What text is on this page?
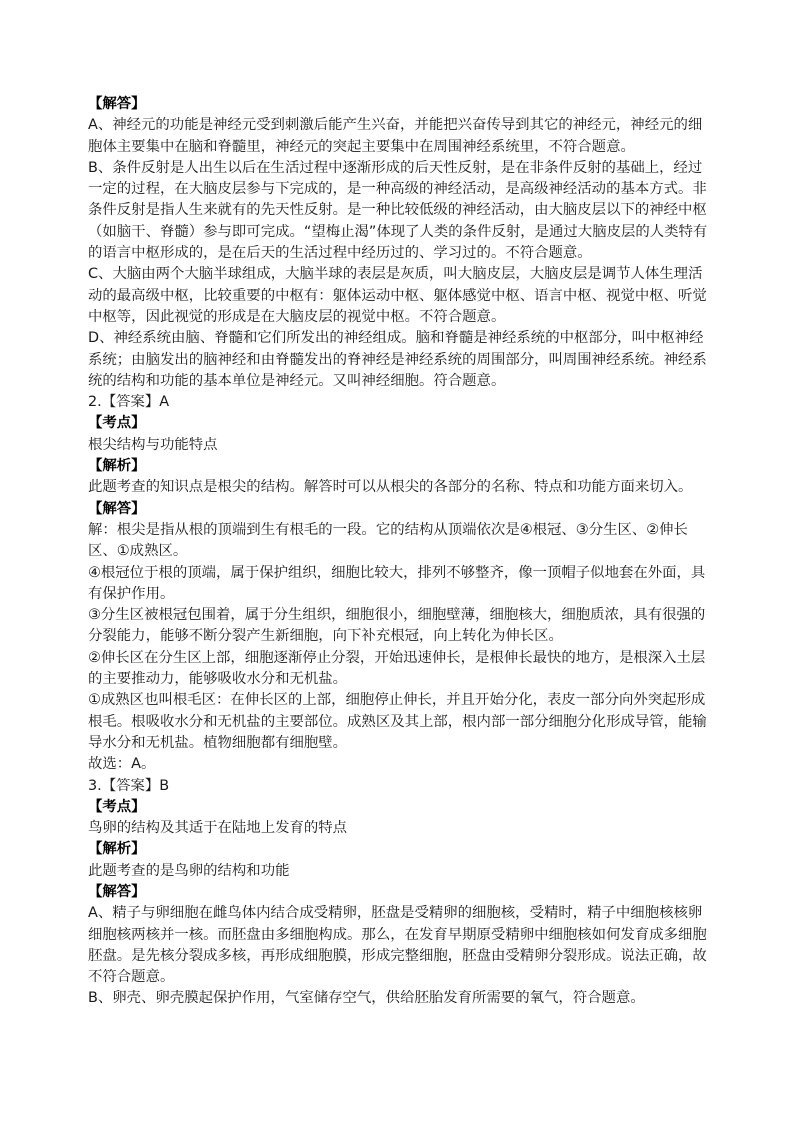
【解答】

A、神经元的功能是神经元受到刺激后能产生兴奋，并能把兴奋传导到其它的神经元，神经元的细胞体主要集中在脑和脊髓里，神经元的突起主要集中在周围神经系统里，不符合题意。

B、条件反射是人出生以后在生活过程中逐渐形成的后天性反射，是在非条件反射的基础上，经过一定的过程，在大脑皮层参与下完成的，是一种高级的神经活动，是高级神经活动的基本方式。非条件反射是指人生来就有的先天性反射。是一种比较低级的神经活动，由大脑皮层以下的神经中枢（如脑干、脊髓）参与即可完成。“望梅止渴”体现了人类的条件反射，是通过大脑皮层的人类特有的语言中枢形成的，是在后天的生活过程中经历过的、学习过的。不符合题意。

C、大脑由两个大脑半球组成，大脑半球的表层是灰质，叫大脑皮层，大脑皮层是调节人体生理活动的最高级中枢，比较重要的中枢有：躯体运动中枢、躯体感觉中枢、语言中枢、视觉中枢、听觉中枢等，因此视觉的形成是在大脑皮层的视觉中枢。不符合题意。

D、神经系统由脑、脊髓和它们所发出的神经组成。脑和脊髓是神经系统的中枢部分，叫中枢神经系统；由脑发出的脑神经和由脊髓发出的脊神经是神经系统的周围部分，叫周围神经系统。神经系统的结构和功能的基本单位是神经元。又叫神经细胞。符合题意。

2.【答案】A

【考点】

根尖结构与功能特点

【解析】

此题考查的知识点是根尖的结构。解答时可以从根尖的各部分的名称、特点和功能方面来切入。

【解答】

解：根尖是指从根的顶端到生有根毛的一段。它的结构从顶端依次是④根冠、③分生区、②伸长区、①成熟区。

④根冠位于根的顶端，属于保护组织，细胞比较大，排列不够整齐，像一顶帽子似地套在外面，具有保护作用。

③分生区被根冠包围着，属于分生组织，细胞很小，细胞壁薄，细胞核大，细胞质浓，具有很强的分裂能力，能够不断分裂产生新细胞，向下补充根冠，向上转化为伸长区。

②伸长区在分生区上部，细胞逐渐停止分裂，开始迅速伸长，是根伸长最快的地方，是根深入土层的主要推动力，能够吸收水分和无机盐。

①成熟区也叫根毛区：在伸长区的上部，细胞停止伸长，并且开始分化，表皮一部分向外突起形成根毛。根吸收水分和无机盐的主要部位。成熟区及其上部，根内部一部分细胞分化形成导管，能输导水分和无机盐。植物细胞都有细胞壁。

故选：A。

3.【答案】B

【考点】

鸟卵的结构及其适于在陆地上发育的特点

【解析】

此题考查的是鸟卵的结构和功能

【解答】

A、精子与卵细胞在雌鸟体内结合成受精卵，胚盘是受精卵的细胞核，受精时，精子中细胞核核卵细胞核两核并一核。而胚盘由多细胞构成。那么，在发育早期原受精卵中细胞核如何发育成多细胞胚盘。是先核分裂成多核，再形成细胞膜，形成完整细胞，胚盘由受精卵分裂形成。说法正确，故不符合题意。

B、卵壳、卵壳膜起保护作用，气室储存空气，供给胚胎发育所需要的氧气，符合题意。
